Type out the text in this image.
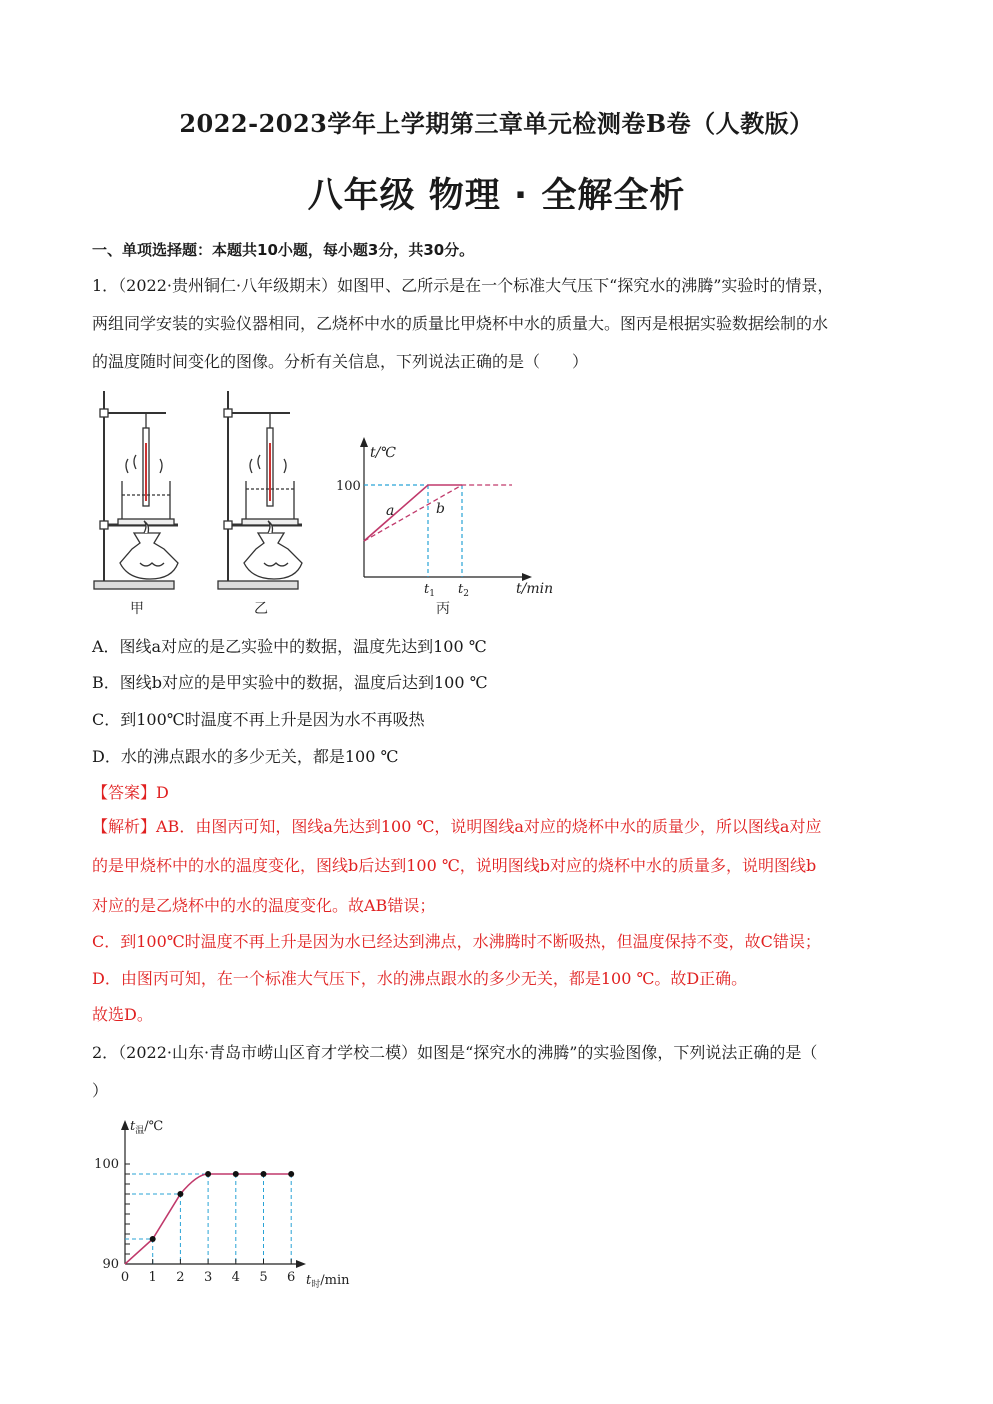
2022-2023学年上学期第三章单元检测卷B卷（人教版）
八年级 物理 · 全解全析
一、单项选择题：本题共10小题，每小题3分，共30分。
1．（2022·贵州铜仁·八年级期末）如图甲、乙所示是在一个标准大气压下“探究水的沸腾”实验时的情景，
两组同学安装的实验仪器相同，乙烧杯中水的质量比甲烧杯中水的质量大。图丙是根据实验数据绘制的水
的温度随时间变化的图像。分析有关信息，下列说法正确的是（　　）
甲	乙
t/℃
100
a	b
$t_1$ $t_2$	t/min
丙
A．图线a对应的是乙实验中的数据，温度先达到100 ℃
B．图线b对应的是甲实验中的数据，温度后达到100 ℃
C．到100℃时温度不再上升是因为水不再吸热
D．水的沸点跟水的多少无关，都是100 ℃
【答案】D
【解析】AB．由图丙可知，图线a先达到100 ℃，说明图线a对应的烧杯中水的质量少，所以图线a对应
的是甲烧杯中的水的温度变化，图线b后达到100 ℃，说明图线b对应的烧杯中水的质量多，说明图线b
对应的是乙烧杯中的水的温度变化。故AB错误；
C．到100℃时温度不再上升是因为水已经达到沸点，水沸腾时不断吸热，但温度保持不变，故C错误；
D．由图丙可知，在一个标准大气压下，水的沸点跟水的多少无关，都是100 ℃。故D正确。
故选D。
2．（2022·山东·青岛市崂山区育才学校二模）如图是“探究水的沸腾”的实验图像，下列说法正确的是（
）
90
100
0 1 2 3 4 5 6
$t_温/℃$
$t_时/\min$
